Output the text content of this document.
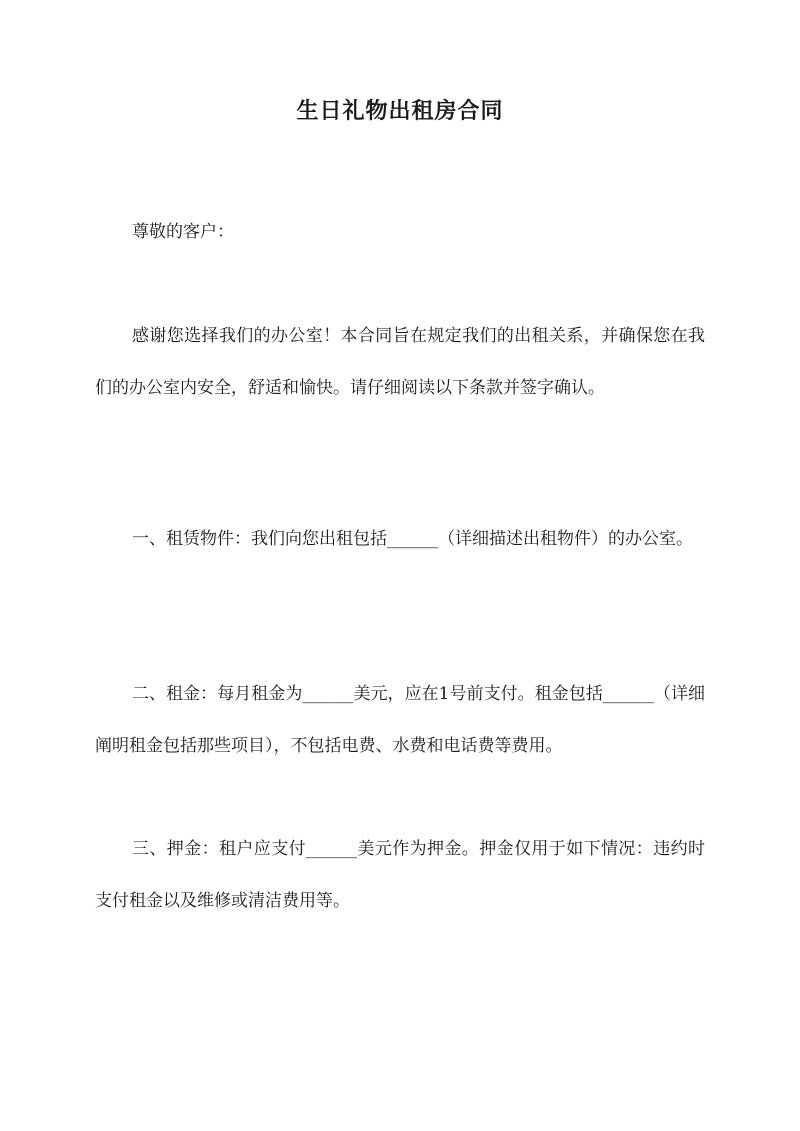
生日礼物出租房合同

尊敬的客户：

感谢您选择我们的办公室！本合同旨在规定我们的出租关系，并确保您在我们的办公室内安全，舒适和愉快。请仔细阅读以下条款并签字确认。

一、租赁物件：我们向您出租包括______（详细描述出租物件）的办公室。

二、租金：每月租金为______美元，应在1号前支付。租金包括______（详细阐明租金包括那些项目），不包括电费、水费和电话费等费用。

三、押金：租户应支付______美元作为押金。押金仅用于如下情况：违约时支付租金以及维修或清洁费用等。
